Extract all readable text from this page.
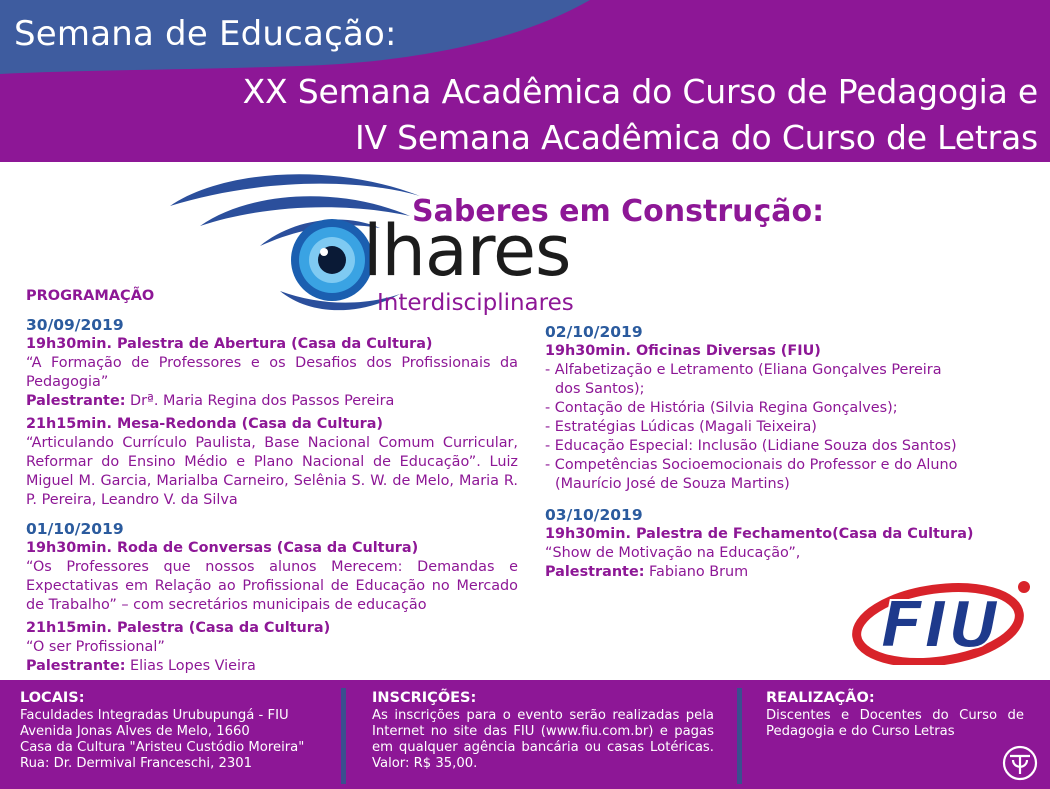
Semana de Educação:
XX Semana Acadêmica do Curso de Pedagogia e
IV Semana Acadêmica do Curso de Letras
Saberes em Construção:
lhares
Interdisciplinares
PROGRAMAÇÃO
30/09/2019
19h30min. Palestra de Abertura (Casa da Cultura)

“A Formação de Professores e os Desafios dos Profissionais da Pedagogia”

Palestrante: Drª. Maria Regina dos Passos Pereira
21h15min. Mesa-Redonda (Casa da Cultura)

“Articulando Currículo Paulista, Base Nacional Comum Curricular, Reformar do Ensino Médio e Plano Nacional de Educação”. Luiz Miguel M. Garcia, Marialba Carneiro, Selênia S. W. de Melo, Maria R. P. Pereira, Leandro V. da Silva

01/10/2019
19h30min. Roda de Conversas (Casa da Cultura)

“Os Professores que nossos alunos Merecem: Demandas e Expectativas em Relação ao Profissional de Educação no Mercado de Trabalho” – com secretários municipais de educação

21h15min. Palestra (Casa da Cultura)

“O ser Profissional”

Palestrante: Elias Lopes Vieira
02/10/2019
19h30min. Oficinas Diversas (FIU)

- Alfabetização e Letramento (Eliana Gonçalves Pereira
dos Santos);

- Contação de História (Silvia Regina Gonçalves);

- Estratégias Lúdicas (Magali Teixeira)

- Educação Especial: Inclusão (Lidiane Souza dos Santos)

- Competências Socioemocionais do Professor e do Aluno
(Maurício José de Souza Martins)

03/10/2019
19h30min. Palestra de Fechamento(Casa da Cultura)

“Show de Motivação na Educação”,

Palestrante: Fabiano Brum
FIU
LOCAIS:
Faculdades Integradas Urubupungá - FIU
Avenida Jonas Alves de Melo, 1660
Casa da Cultura "Aristeu Custódio Moreira"
Rua: Dr. Dermival Franceschi, 2301
INSCRIÇÕES:
As inscrições para o evento serão realizadas pela Internet no site das FIU (www.fiu.com.br) e pagas em qualquer agência bancária ou casas Lotéricas. Valor: R$ 35,00.
REALIZAÇÃO:
Discentes e Docentes do Curso de Pedagogia e do Curso Letras
